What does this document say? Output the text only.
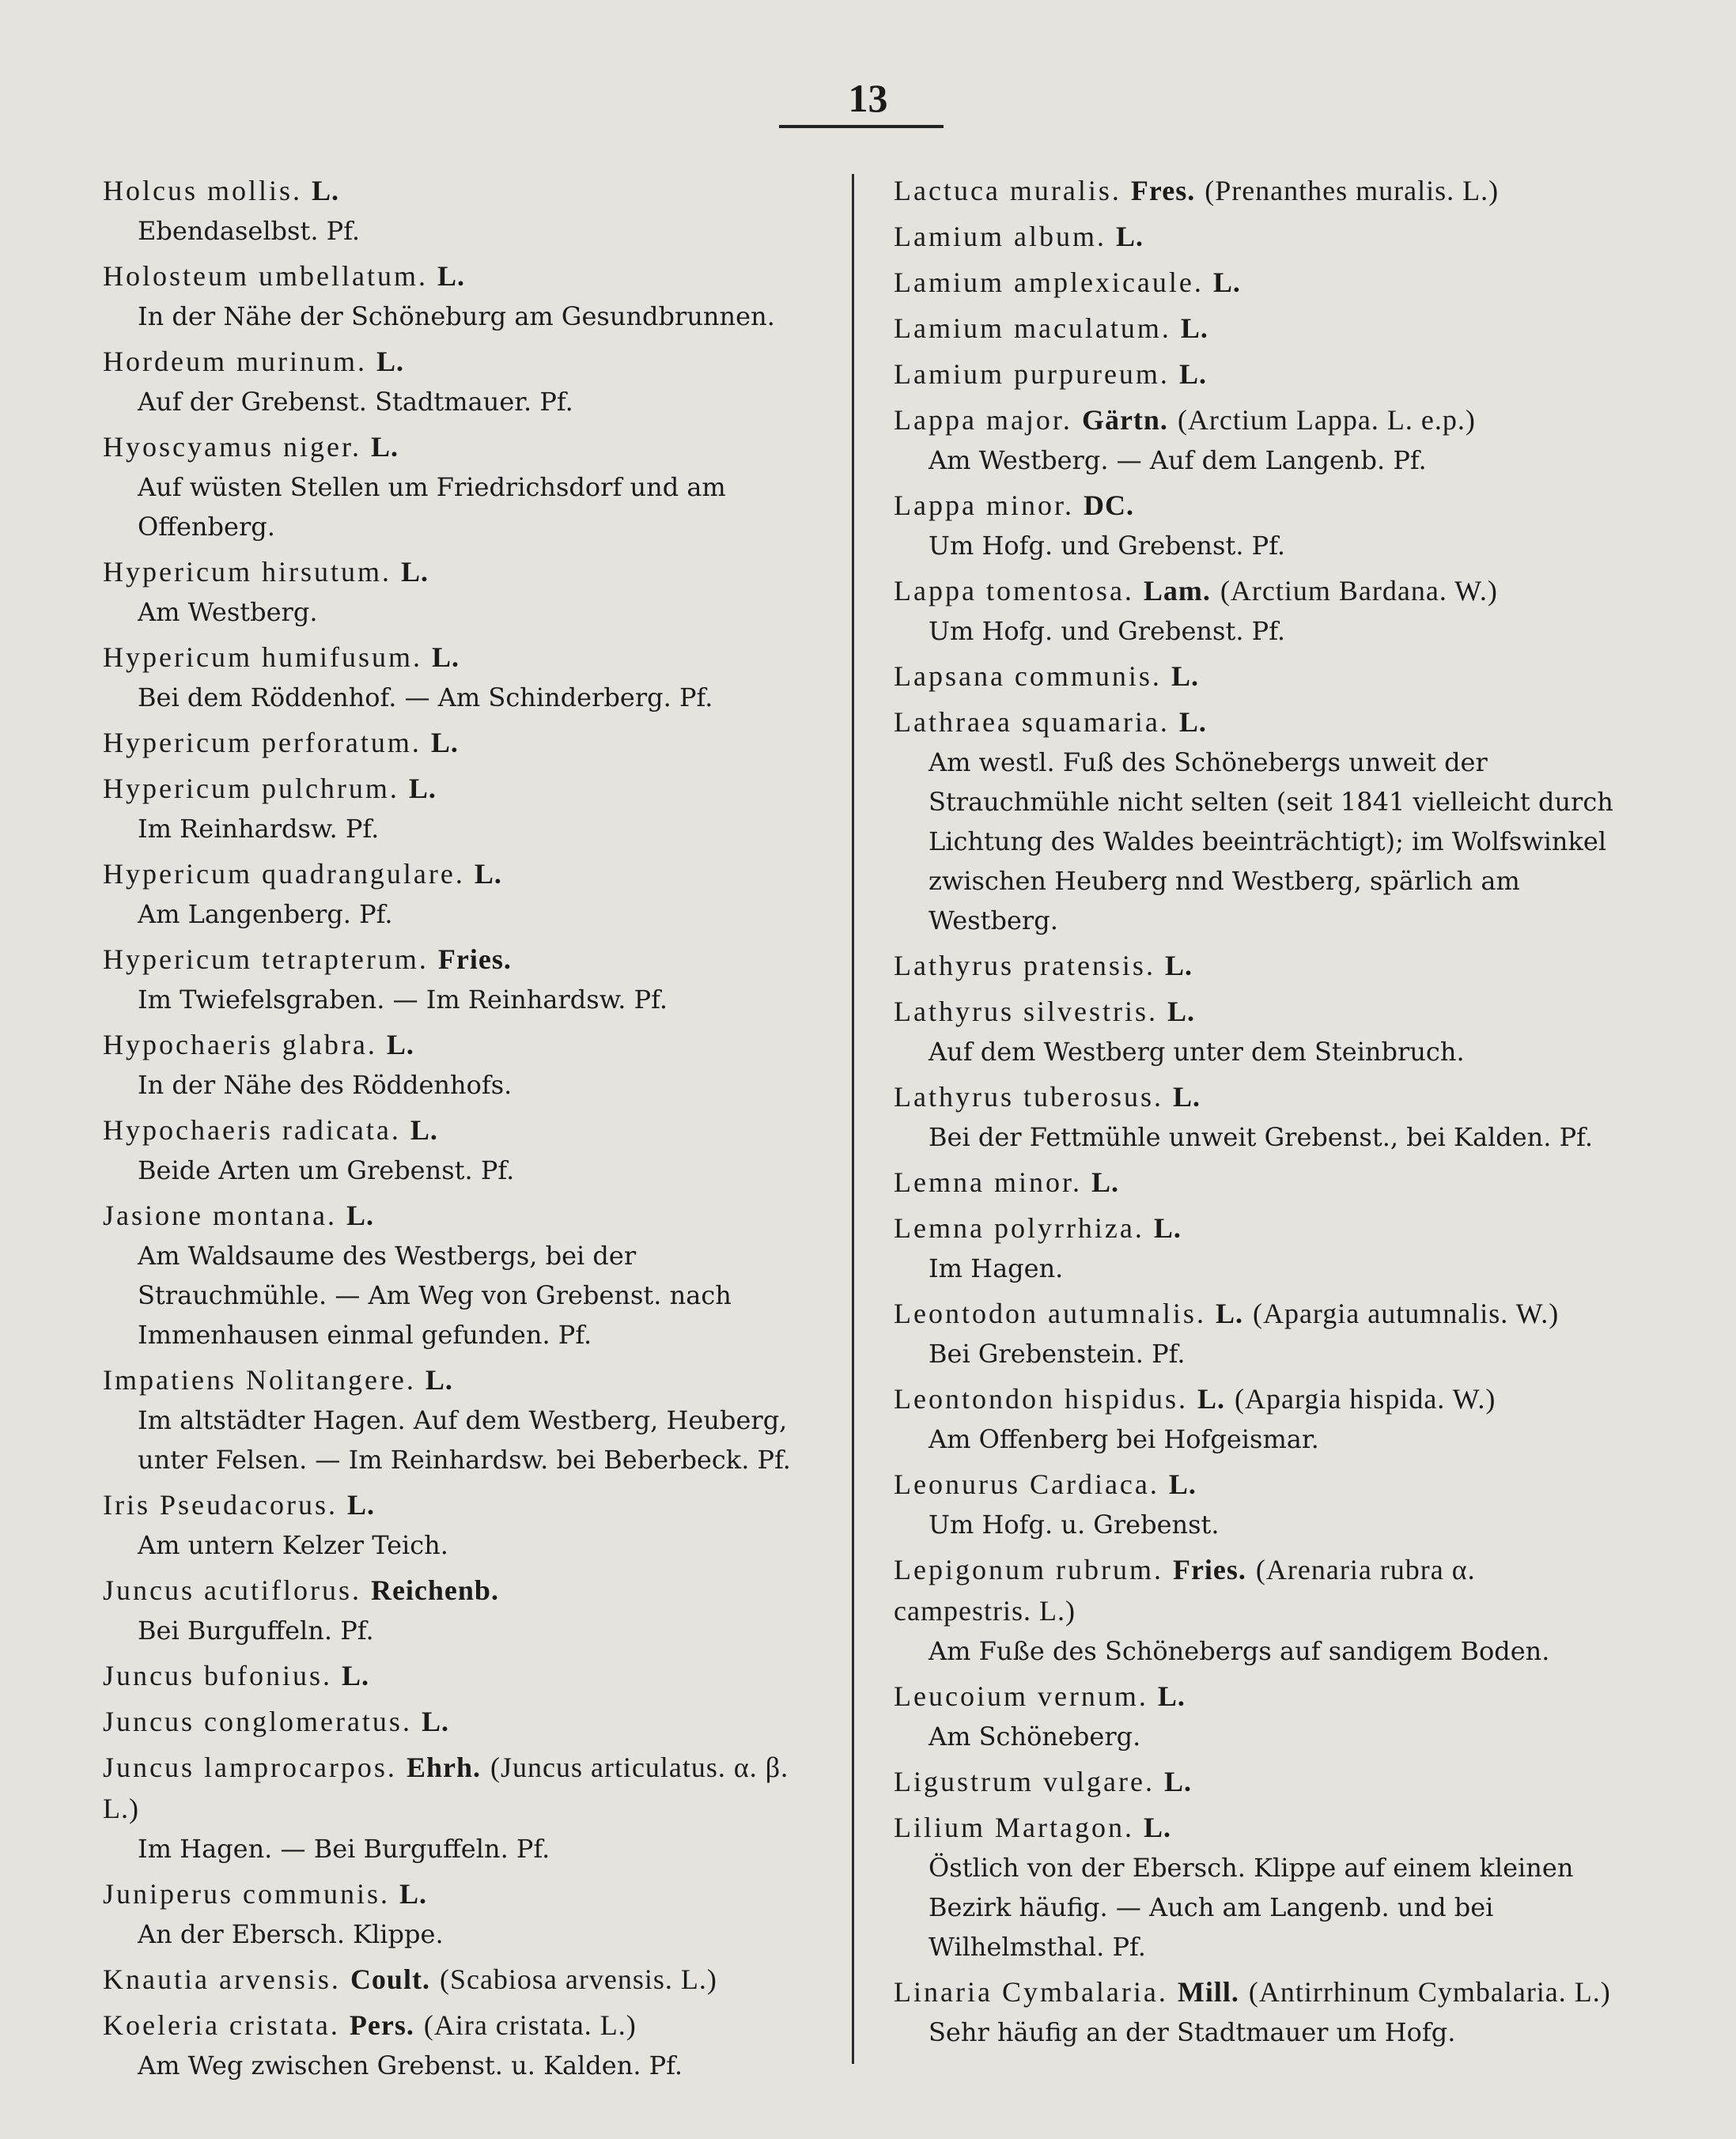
13
Holcus mollis. L.
Ebendaselbst. Pf.
Holosteum umbellatum. L.
In der Nähe der Schöneburg am Gesundbrunnen.
Hordeum murinum. L.
Auf der Grebenst. Stadtmauer. Pf.
Hyoscyamus niger. L.
Auf wüsten Stellen um Friedrichsdorf und am Offenberg.
Hypericum hirsutum. L.
Am Westberg.
Hypericum humifusum. L.
Bei dem Röddenhof. — Am Schinderberg. Pf.
Hypericum perforatum. L.
Hypericum pulchrum. L.
Im Reinhardsw. Pf.
Hypericum quadrangulare. L.
Am Langenberg. Pf.
Hypericum tetrapterum. Fries.
Im Twiefelsgraben. — Im Reinhardsw. Pf.
Hypochaeris glabra. L.
In der Nähe des Röddenhofs.
Hypochaeris radicata. L.
Beide Arten um Grebenst. Pf.
Jasione montana. L.
Am Waldsaume des Westbergs, bei der Strauchmühle. — Am Weg von Grebenst. nach Immenhausen einmal gefunden. Pf.
Impatiens Nolitangere. L.
Im altstädter Hagen. Auf dem Westberg, Heuberg, unter Felsen. — Im Reinhardsw. bei Beberbeck. Pf.
Iris Pseudacorus. L.
Am untern Kelzer Teich.
Juncus acutiflorus. Reichenb.
Bei Burguffeln. Pf.
Juncus bufonius. L.
Juncus conglomeratus. L.
Juncus lamprocarpos. Ehrh. (Juncus articulatus. α. β. L.)
Im Hagen. — Bei Burguffeln. Pf.
Juniperus communis. L.
An der Ebersch. Klippe.
Knautia arvensis. Coult. (Scabiosa arvensis. L.)
Koeleria cristata. Pers. (Aira cristata. L.)
Am Weg zwischen Grebenst. u. Kalden. Pf.
Lactuca muralis. Fres. (Prenanthes muralis. L.)
Lamium album. L.
Lamium amplexicaule. L.
Lamium maculatum. L.
Lamium purpureum. L.
Lappa major. Gärtn. (Arctium Lappa. L. e.p.)
Am Westberg. — Auf dem Langenb. Pf.
Lappa minor. DC.
Um Hofg. und Grebenst. Pf.
Lappa tomentosa. Lam. (Arctium Bardana. W.)
Um Hofg. und Grebenst. Pf.
Lapsana communis. L.
Lathraea squamaria. L.
Am westl. Fuß des Schönebergs unweit der Strauchmühle nicht selten (seit 1841 vielleicht durch Lichtung des Waldes beeinträchtigt); im Wolfswinkel zwischen Heuberg nnd Westberg, spärlich am Westberg.
Lathyrus pratensis. L.
Lathyrus silvestris. L.
Auf dem Westberg unter dem Steinbruch.
Lathyrus tuberosus. L.
Bei der Fettmühle unweit Grebenst., bei Kalden. Pf.
Lemna minor. L.
Lemna polyrrhiza. L.
Im Hagen.
Leontodon autumnalis. L. (Apargia autumnalis. W.)
Bei Grebenstein. Pf.
Leontondon hispidus. L. (Apargia hispida. W.)
Am Offenberg bei Hofgeismar.
Leonurus Cardiaca. L.
Um Hofg. u. Grebenst.
Lepigonum rubrum. Fries. (Arenaria rubra α. campestris. L.)
Am Fuße des Schönebergs auf sandigem Boden.
Leucoium vernum. L.
Am Schöneberg.
Ligustrum vulgare. L.
Lilium Martagon. L.
Östlich von der Ebersch. Klippe auf einem kleinen Bezirk häufig. — Auch am Langenb. und bei Wilhelmsthal. Pf.
Linaria Cymbalaria. Mill. (Antirrhinum Cymbalaria. L.)
Sehr häufig an der Stadtmauer um Hofg.
